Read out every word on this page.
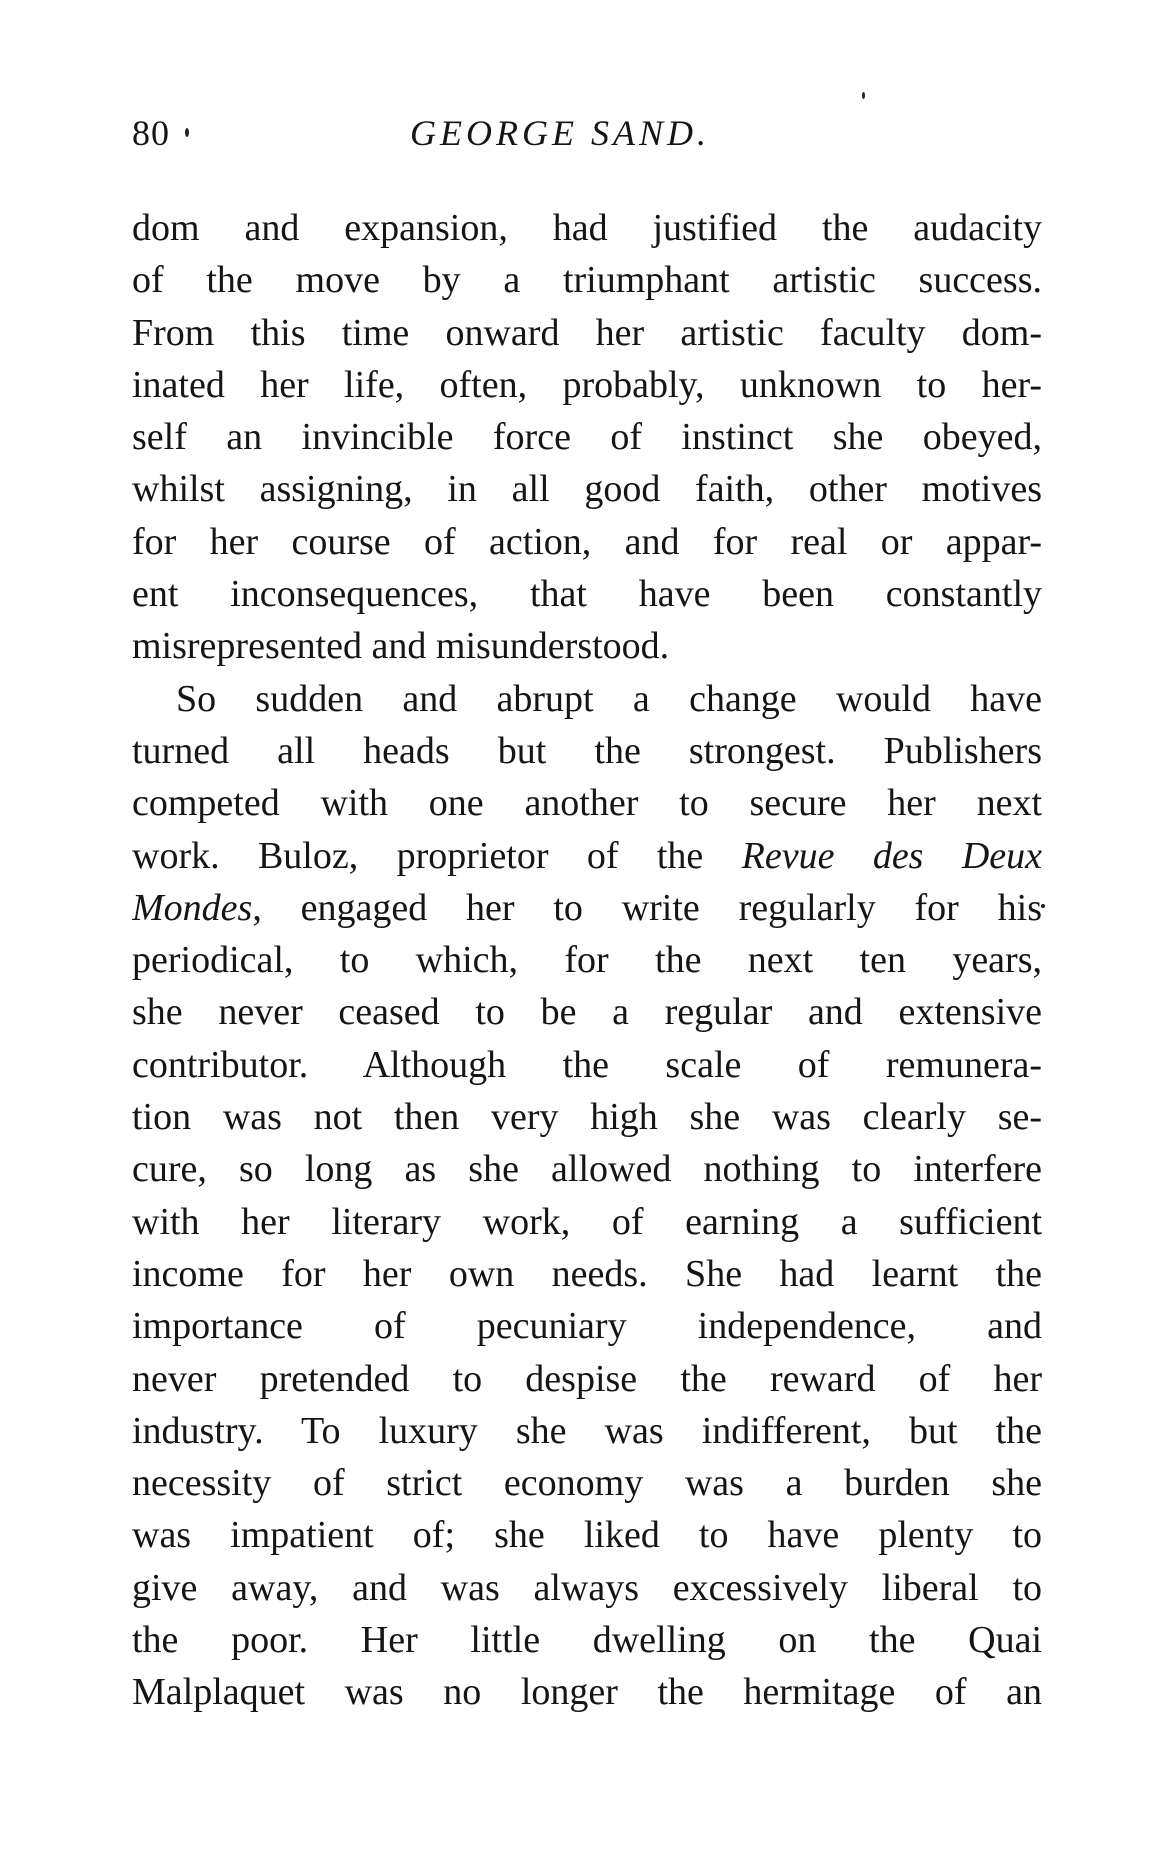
80	GEORGE SAND.
dom and expansion, had justified the audacity
of the move by a triumphant artistic success.
From this time onward her artistic faculty dom-
inated her life, often, probably, unknown to her-
self an invincible force of instinct she obeyed,
whilst assigning, in all good faith, other motives
for her course of action, and for real or appar-
ent inconsequences, that have been constantly
misrepresented and misunderstood.
So sudden and abrupt a change would have
turned all heads but the strongest. Publishers
competed with one another to secure her next
work. Buloz, proprietor of the Revue des Deux
Mondes, engaged her to write regularly for his
periodical, to which, for the next ten years,
she never ceased to be a regular and extensive
contributor. Although the scale of remunera-
tion was not then very high she was clearly se-
cure, so long as she allowed nothing to interfere
with her literary work, of earning a sufficient
income for her own needs. She had learnt the
importance of pecuniary independence, and
never pretended to despise the reward of her
industry. To luxury she was indifferent, but the
necessity of strict economy was a burden she
was impatient of; she liked to have plenty to
give away, and was always excessively liberal to
the poor. Her little dwelling on the Quai
Malplaquet was no longer the hermitage of an
